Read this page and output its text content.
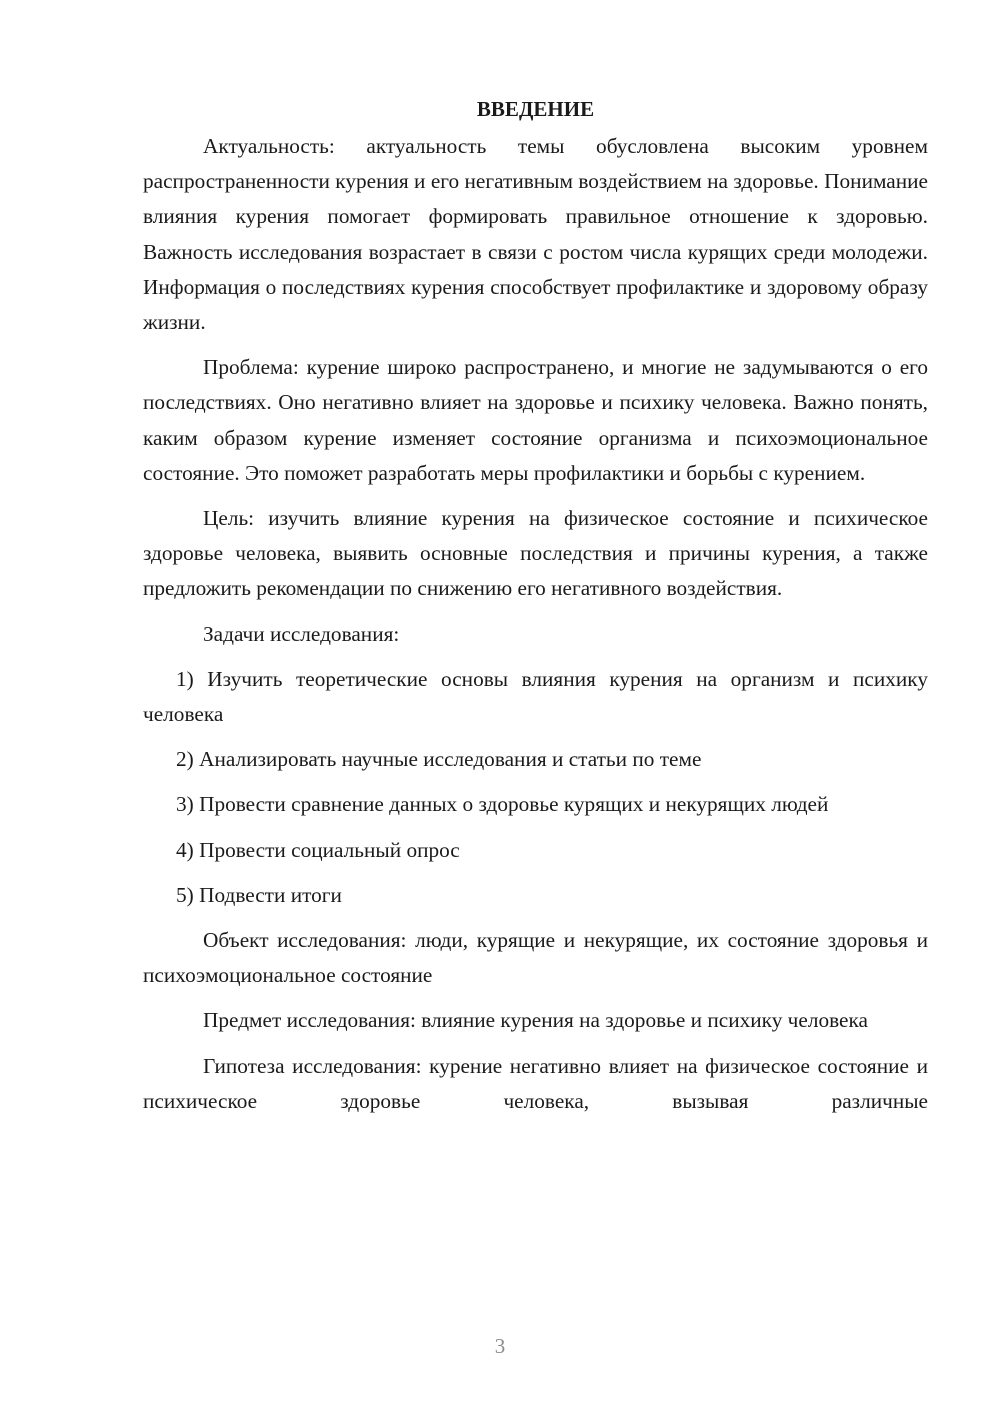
ВВЕДЕНИЕ

Актуальность: актуальность темы обусловлена высоким уровнем распространенности курения и его негативным воздействием на здоровье. Понимание влияния курения помогает формировать правильное отношение к здоровью. Важность исследования возрастает в связи с ростом числа курящих среди молодежи. Информация о последствиях курения способствует профилактике и здоровому образу жизни.

Проблема: курение широко распространено, и многие не задумываются о его последствиях. Оно негативно влияет на здоровье и психику человека. Важно понять, каким образом курение изменяет состояние организма и психоэмоциональное состояние. Это поможет разработать меры профилактики и борьбы с курением.

Цель: изучить влияние курения на физическое состояние и психическое здоровье человека, выявить основные последствия и причины курения, а также предложить рекомендации по снижению его негативного воздействия.

Задачи исследования:

1) Изучить теоретические основы влияния курения на организм и психику человека

2) Анализировать научные исследования и статьи по теме

3) Провести сравнение данных о здоровье курящих и некурящих людей

4) Провести социальный опрос

5) Подвести итоги

Объект исследования: люди, курящие и некурящие, их состояние здоровья и психоэмоциональное состояние

Предмет исследования: влияние курения на здоровье и психику человека

Гипотеза исследования: курение негативно влияет на физическое состояние и психическое здоровье человека, вызывая различные

3
